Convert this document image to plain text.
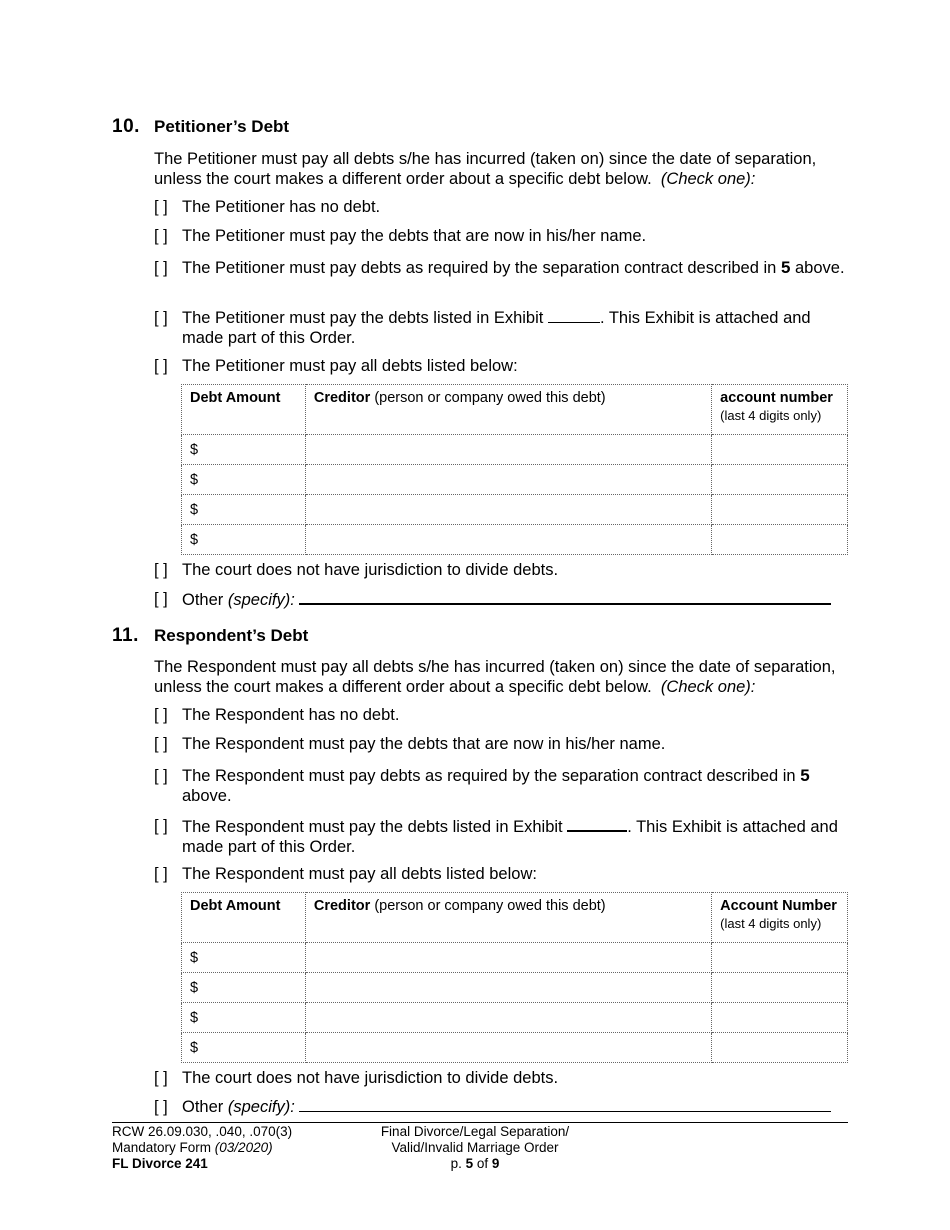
10. Petitioner’s Debt
The Petitioner must pay all debts s/he has incurred (taken on) since the date of separation, unless the court makes a different order about a specific debt below. (Check one):
[ ] The Petitioner has no debt.
[ ] The Petitioner must pay the debts that are now in his/her name.
[ ] The Petitioner must pay debts as required by the separation contract described in 5 above.
[ ] The Petitioner must pay the debts listed in Exhibit	. This Exhibit is attached and made part of this Order.
[ ] The Petitioner must pay all debts listed below:
Debt Amount	Creditor (person or company owed this debt)	account number
(last 4 digits only)
$		
$		
$		
$		
[ ] The court does not have jurisdiction to divide debts.
[ ] Other (specify):
11. Respondent’s Debt
The Respondent must pay all debts s/he has incurred (taken on) since the date of separation, unless the court makes a different order about a specific debt below. (Check one):
[ ] The Respondent has no debt.
[ ] The Respondent must pay the debts that are now in his/her name.
[ ] The Respondent must pay debts as required by the separation contract described in 5 above.
[ ] The Respondent must pay the debts listed in Exhibit	. This Exhibit is attached and made part of this Order.
[ ] The Respondent must pay all debts listed below:
Debt Amount	Creditor (person or company owed this debt)	Account Number
(last 4 digits only)
$		
$		
$		
$		
[ ] The court does not have jurisdiction to divide debts.
[ ] Other (specify):
RCW 26.09.030, .040, .070(3)
Mandatory Form (03/2020)
FL Divorce 241
Final Divorce/Legal Separation/
Valid/Invalid Marriage Order
p. 5 of 9
